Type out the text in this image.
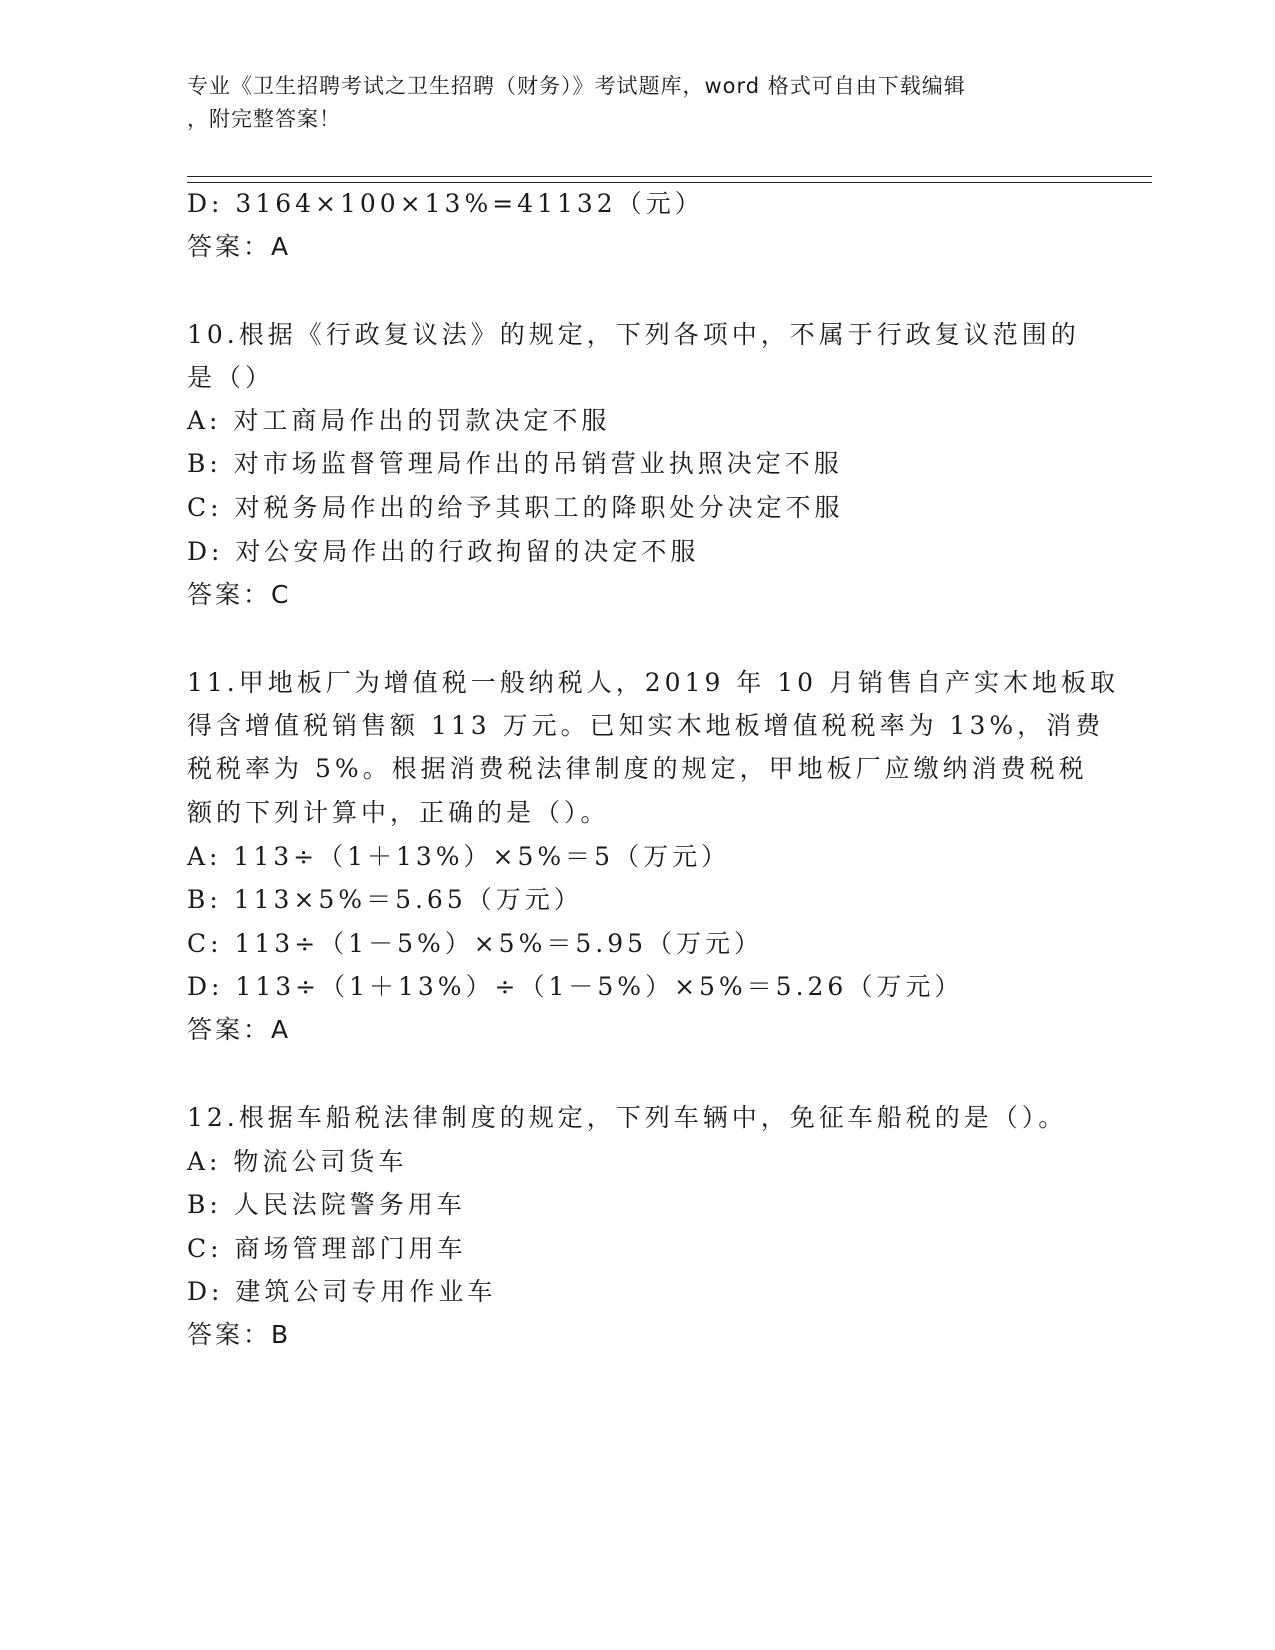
专业《卫生招聘考试之卫生招聘（财务）》考试题库，word 格式可自由下载编辑
，附完整答案！
D: 3164×100×13%=41132（元）
答案：A
10.根据《行政复议法》的规定，下列各项中，不属于行政复议范围的
是（）
A: 对工商局作出的罚款决定不服
B: 对市场监督管理局作出的吊销营业执照决定不服
C: 对税务局作出的给予其职工的降职处分决定不服
D: 对公安局作出的行政拘留的决定不服
答案：C
11.甲地板厂为增值税一般纳税人，2019 年 10 月销售自产实木地板取
得含增值税销售额 113 万元。已知实木地板增值税税率为 13%，消费
税税率为 5%。根据消费税法律制度的规定，甲地板厂应缴纳消费税税
额的下列计算中，正确的是（）。
A: 113÷（1＋13%）×5%＝5（万元）
B: 113×5%＝5.65（万元）
C: 113÷（1－5%）×5%＝5.95（万元）
D: 113÷（1＋13%）÷（1－5%）×5%＝5.26（万元）
答案：A
12.根据车船税法律制度的规定，下列车辆中，免征车船税的是（）。
A: 物流公司货车
B: 人民法院警务用车
C: 商场管理部门用车
D: 建筑公司专用作业车
答案：B
